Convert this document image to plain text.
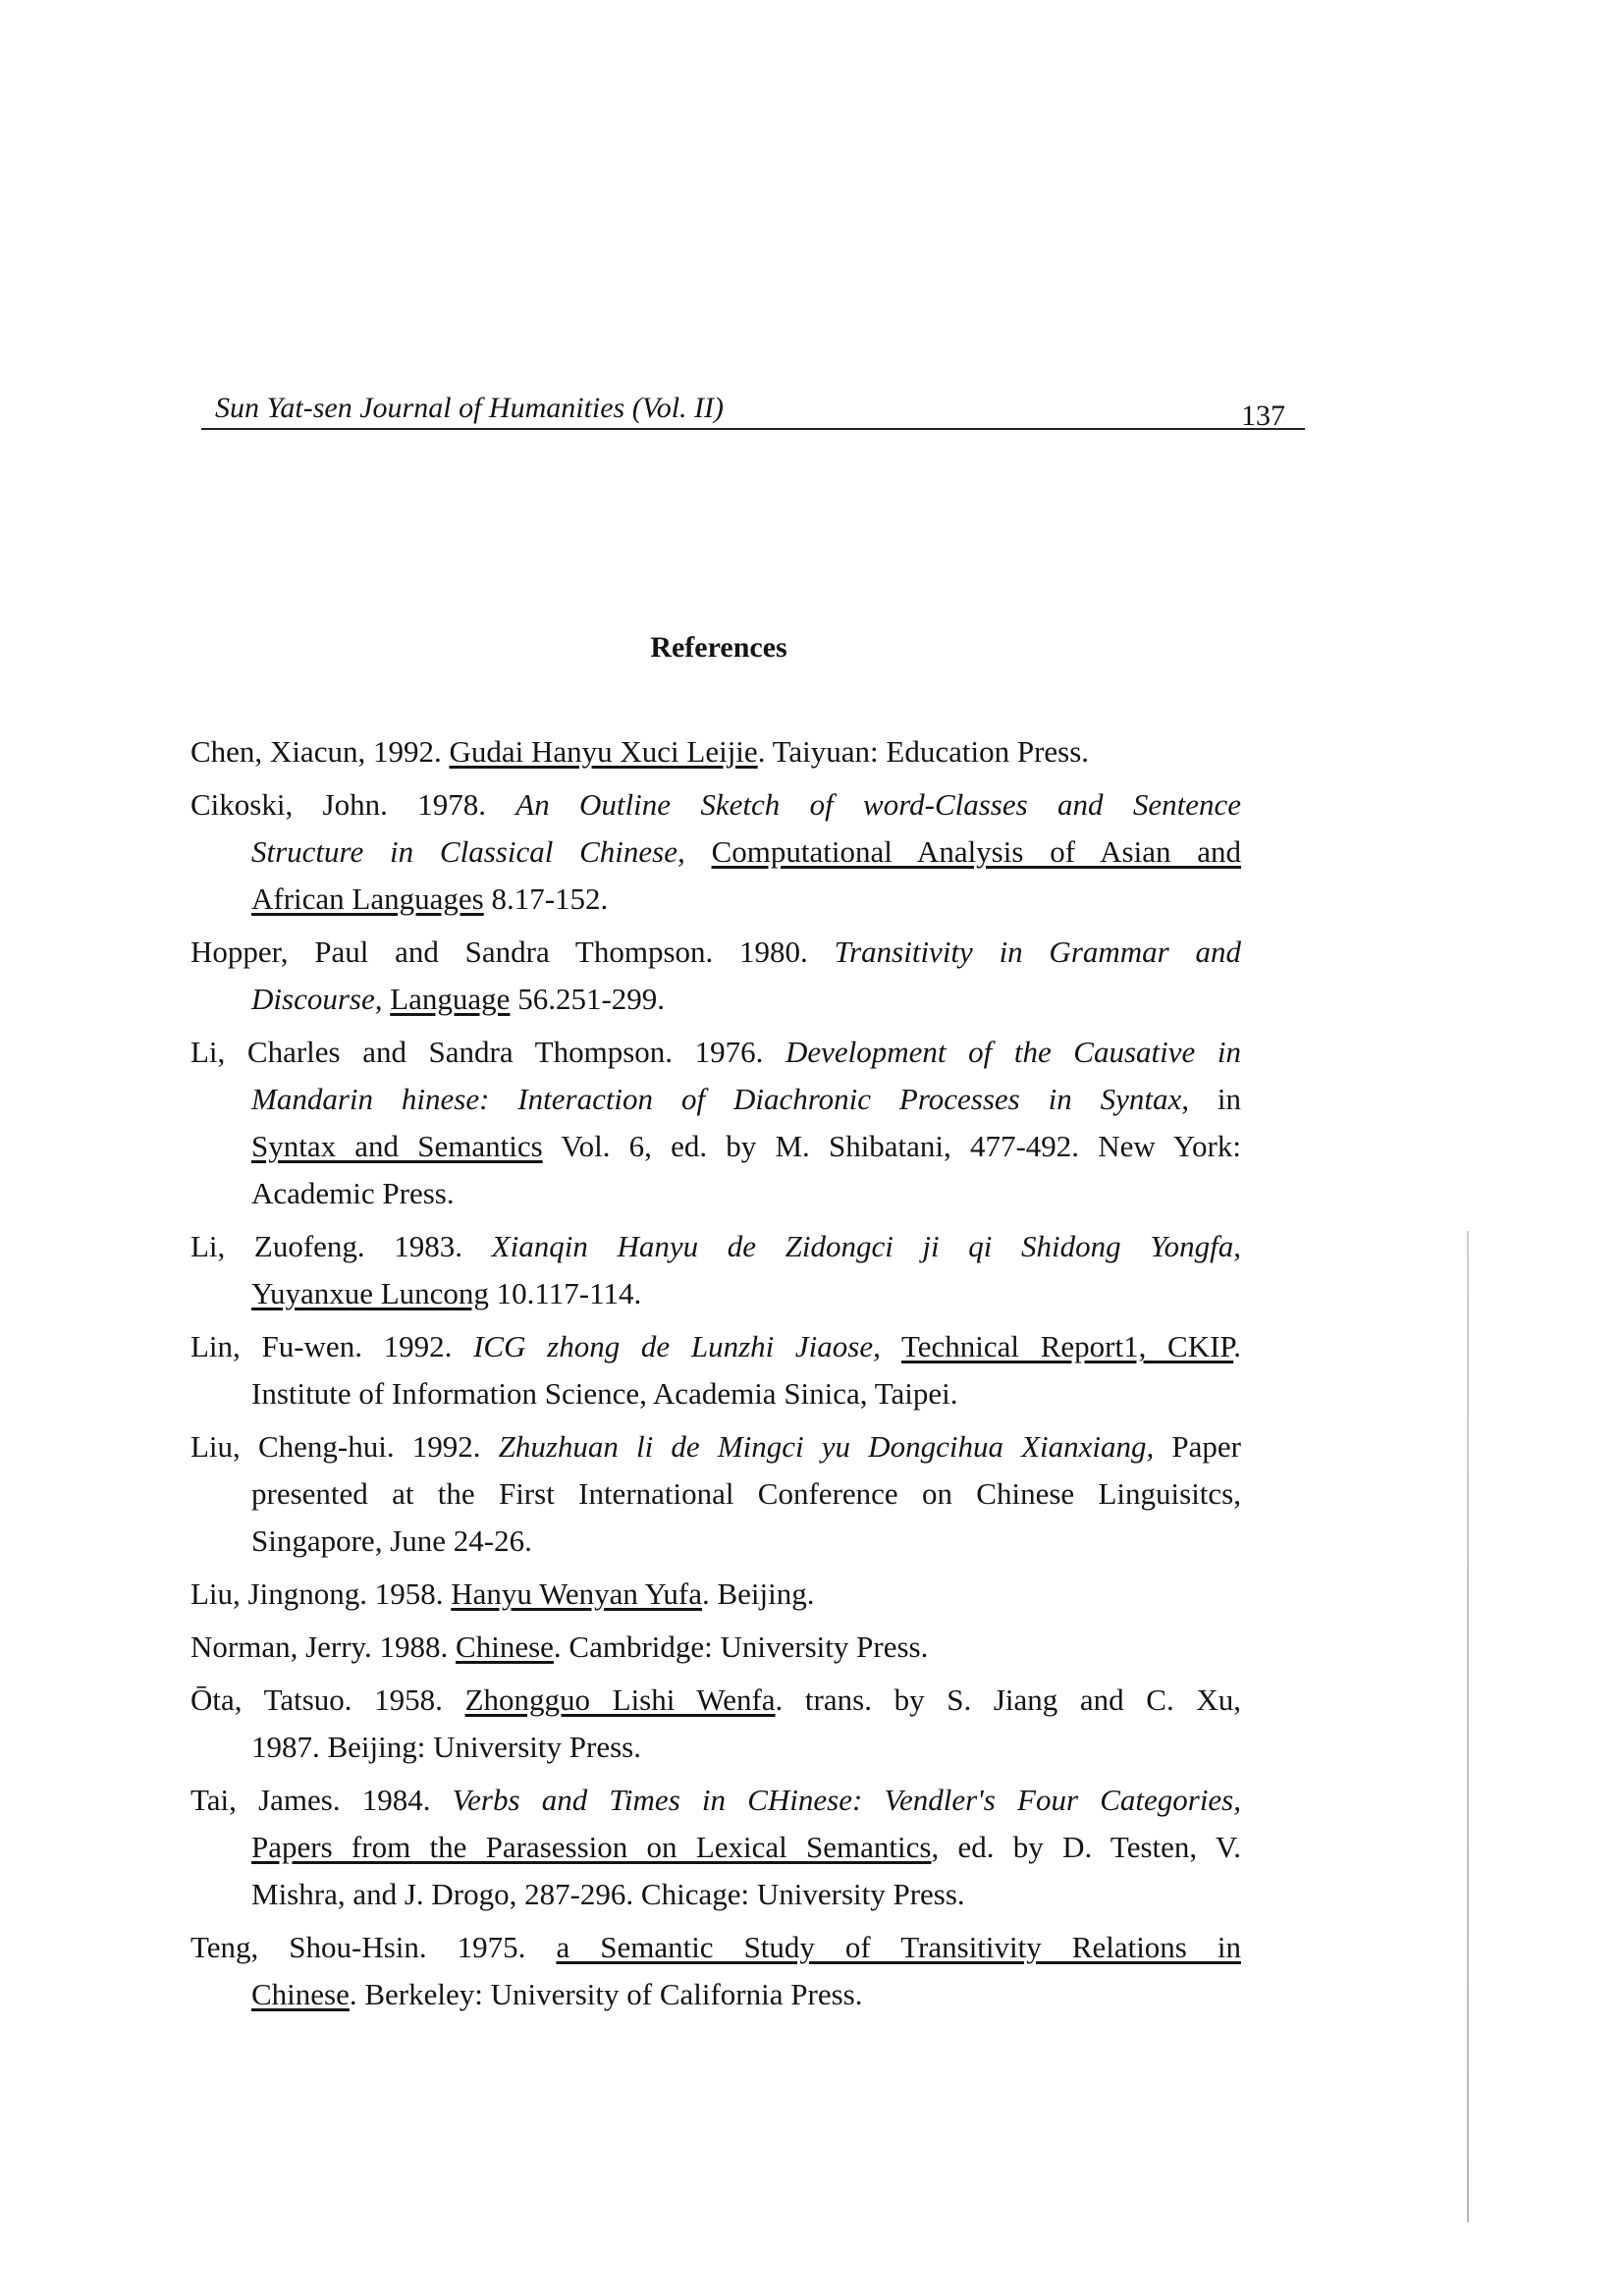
Sun Yat-sen Journal of Humanities (Vol. II)	137
References
Chen, Xiacun, 1992. Gudai Hanyu Xuci Leijie. Taiyuan: Education Press.
Cikoski, John. 1978. An Outline Sketch of word-Classes and Sentence
Structure in Classical Chinese, Computational Analysis of Asian and
African Languages 8.17-152.
Hopper, Paul and Sandra Thompson. 1980. Transitivity in Grammar and
Discourse, Language 56.251-299.
Li, Charles and Sandra Thompson. 1976. Development of the Causative in
Mandarin hinese: Interaction of Diachronic Processes in Syntax, in
Syntax and Semantics Vol. 6, ed. by M. Shibatani, 477-492. New York:
Academic Press.
Li, Zuofeng. 1983. Xianqin Hanyu de Zidongci ji qi Shidong Yongfa,
Yuyanxue Luncong 10.117-114.
Lin, Fu-wen. 1992. ICG zhong de Lunzhi Jiaose, Technical Report1, CKIP.
Institute of Information Science, Academia Sinica, Taipei.
Liu, Cheng-hui. 1992. Zhuzhuan li de Mingci yu Dongcihua Xianxiang, Paper
presented at the First International Conference on Chinese Linguisitcs,
Singapore, June 24-26.
Liu, Jingnong. 1958. Hanyu Wenyan Yufa. Beijing.
Norman, Jerry. 1988. Chinese. Cambridge: University Press.
Ōta, Tatsuo. 1958. Zhongguo Lishi Wenfa. trans. by S. Jiang and C. Xu,
1987. Beijing: University Press.
Tai, James. 1984. Verbs and Times in CHinese: Vendler's Four Categories,
Papers from the Parasession on Lexical Semantics, ed. by D. Testen, V.
Mishra, and J. Drogo, 287-296. Chicage: University Press.
Teng, Shou-Hsin. 1975. a Semantic Study of Transitivity Relations in
Chinese. Berkeley: University of California Press.
